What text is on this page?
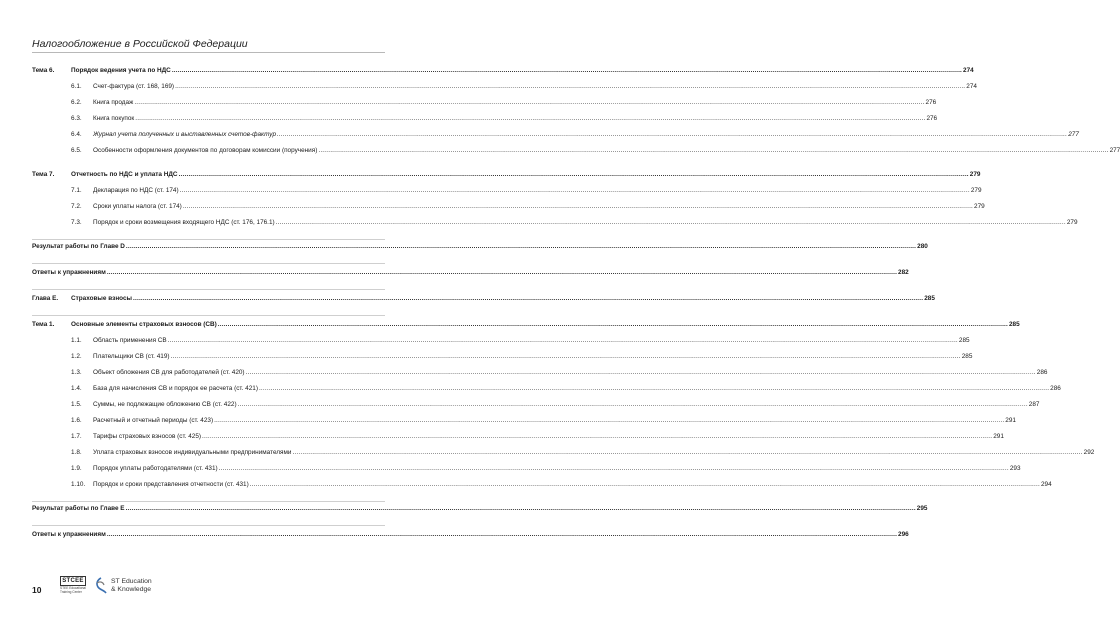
Налогообложение в Российской Федерации
Тема 6.	Порядок ведения учета по НДС ................................................................................................................................................................................................................................................................................................................................................................................................................ 274
6.1.	Счет-фактура (ст. 168, 169) ................................................................................................................................................................................................................................................................................................................................................................................................................ 274
6.2.	Книга продаж ................................................................................................................................................................................................................................................................................................................................................................................................................ 276
6.3.	Книга покупок ................................................................................................................................................................................................................................................................................................................................................................................................................ 276
6.4.	Журнал учета полученных и выставленных счетов-фактур ................................................................................................................................................................................................................................................................................................................................................................................................................ 277
6.5.	Особенности оформления документов по договорам комиссии (поручения) ................................................................................................................................................................................................................................................................................................................................................................................................................ 277
Тема 7.	Отчетность по НДС и уплата НДС ................................................................................................................................................................................................................................................................................................................................................................................................................ 279
7.1.	Декларация по НДС (ст. 174) ................................................................................................................................................................................................................................................................................................................................................................................................................ 279
7.2.	Сроки уплаты налога (ст. 174) ................................................................................................................................................................................................................................................................................................................................................................................................................ 279
7.3.	Порядок и сроки возмещения входящего НДС (ст. 176, 176.1) ................................................................................................................................................................................................................................................................................................................................................................................................................ 279
Результат работы по Главе D ................................................................................................................................................................................................................................................................................................................................................................................................................ 280
Ответы к упражнениям ................................................................................................................................................................................................................................................................................................................................................................................................................ 282
Глава E.	Страховые взносы ................................................................................................................................................................................................................................................................................................................................................................................................................ 285
Тема 1.	Основные элементы страховых взносов (СВ) ................................................................................................................................................................................................................................................................................................................................................................................................................ 285
1.1.	Область применения СВ ................................................................................................................................................................................................................................................................................................................................................................................................................ 285
1.2.	Плательщики СВ (ст. 419) ................................................................................................................................................................................................................................................................................................................................................................................................................ 285
1.3.	Объект обложения СВ для работодателей (ст. 420) ................................................................................................................................................................................................................................................................................................................................................................................................................ 286
1.4.	База для начисления СВ и порядок ее расчета (ст. 421) ................................................................................................................................................................................................................................................................................................................................................................................................................ 286
1.5.	Суммы, не подлежащие обложению СВ (ст. 422) ................................................................................................................................................................................................................................................................................................................................................................................................................ 287
1.6.	Расчетный и отчетный периоды (ст. 423) ................................................................................................................................................................................................................................................................................................................................................................................................................ 291
1.7.	Тарифы страховых взносов (ст. 425) ................................................................................................................................................................................................................................................................................................................................................................................................................ 291
1.8.	Уплата страховых взносов индивидуальными предпринимателями ................................................................................................................................................................................................................................................................................................................................................................................................................ 292
1.9.	Порядок уплаты работодателями (ст. 431) ................................................................................................................................................................................................................................................................................................................................................................................................................ 293
1.10.	Порядок и сроки представления отчетности (ст. 431) ................................................................................................................................................................................................................................................................................................................................................................................................................ 294
Результат работы по Главе E ................................................................................................................................................................................................................................................................................................................................................................................................................ 295
Ответы к упражнениям ................................................................................................................................................................................................................................................................................................................................................................................................................ 296
10
STCEE
STEE Educational Training Center
ST Education
& Knowledge
